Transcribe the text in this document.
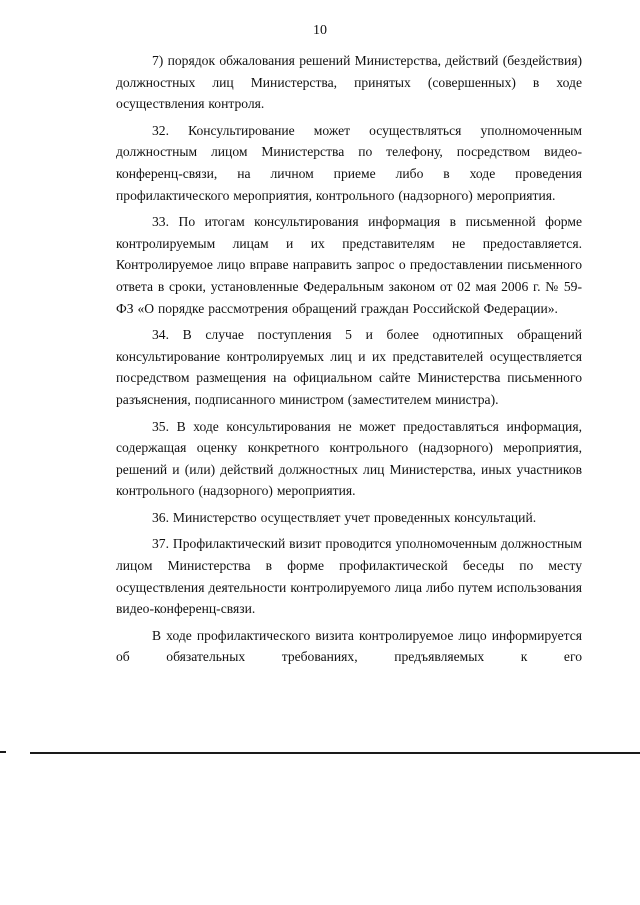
10

7) порядок обжалования решений Министерства, действий (бездействия) должностных лиц Министерства, принятых (совершенных) в ходе осуществления контроля.

32. Консультирование может осуществляться уполномоченным должностным лицом Министерства по телефону, посредством видео-конференц-связи, на личном приеме либо в ходе проведения профилактического мероприятия, контрольного (надзорного) мероприятия.

33. По итогам консультирования информация в письменной форме контролируемым лицам и их представителям не предоставляется. Контролируемое лицо вправе направить запрос о предоставлении письменного ответа в сроки, установленные Федеральным законом от 02 мая 2006 г. № 59-ФЗ «О порядке рассмотрения обращений граждан Российской Федерации».

34. В случае поступления 5 и более однотипных обращений консультирование контролируемых лиц и их представителей осуществляется посредством размещения на официальном сайте Министерства письменного разъяснения, подписанного министром (заместителем министра).

35. В ходе консультирования не может предоставляться информация, содержащая оценку конкретного контрольного (надзорного) мероприятия, решений и (или) действий должностных лиц Министерства, иных участников контрольного (надзорного) мероприятия.

36. Министерство осуществляет учет проведенных консультаций.

37. Профилактический визит проводится уполномоченным должностным лицом Министерства в форме профилактической беседы по месту осуществления деятельности контролируемого лица либо путем использования видео-конференц-связи.

В ходе профилактического визита контролируемое лицо информируется об обязательных требованиях, предъявляемых к его
